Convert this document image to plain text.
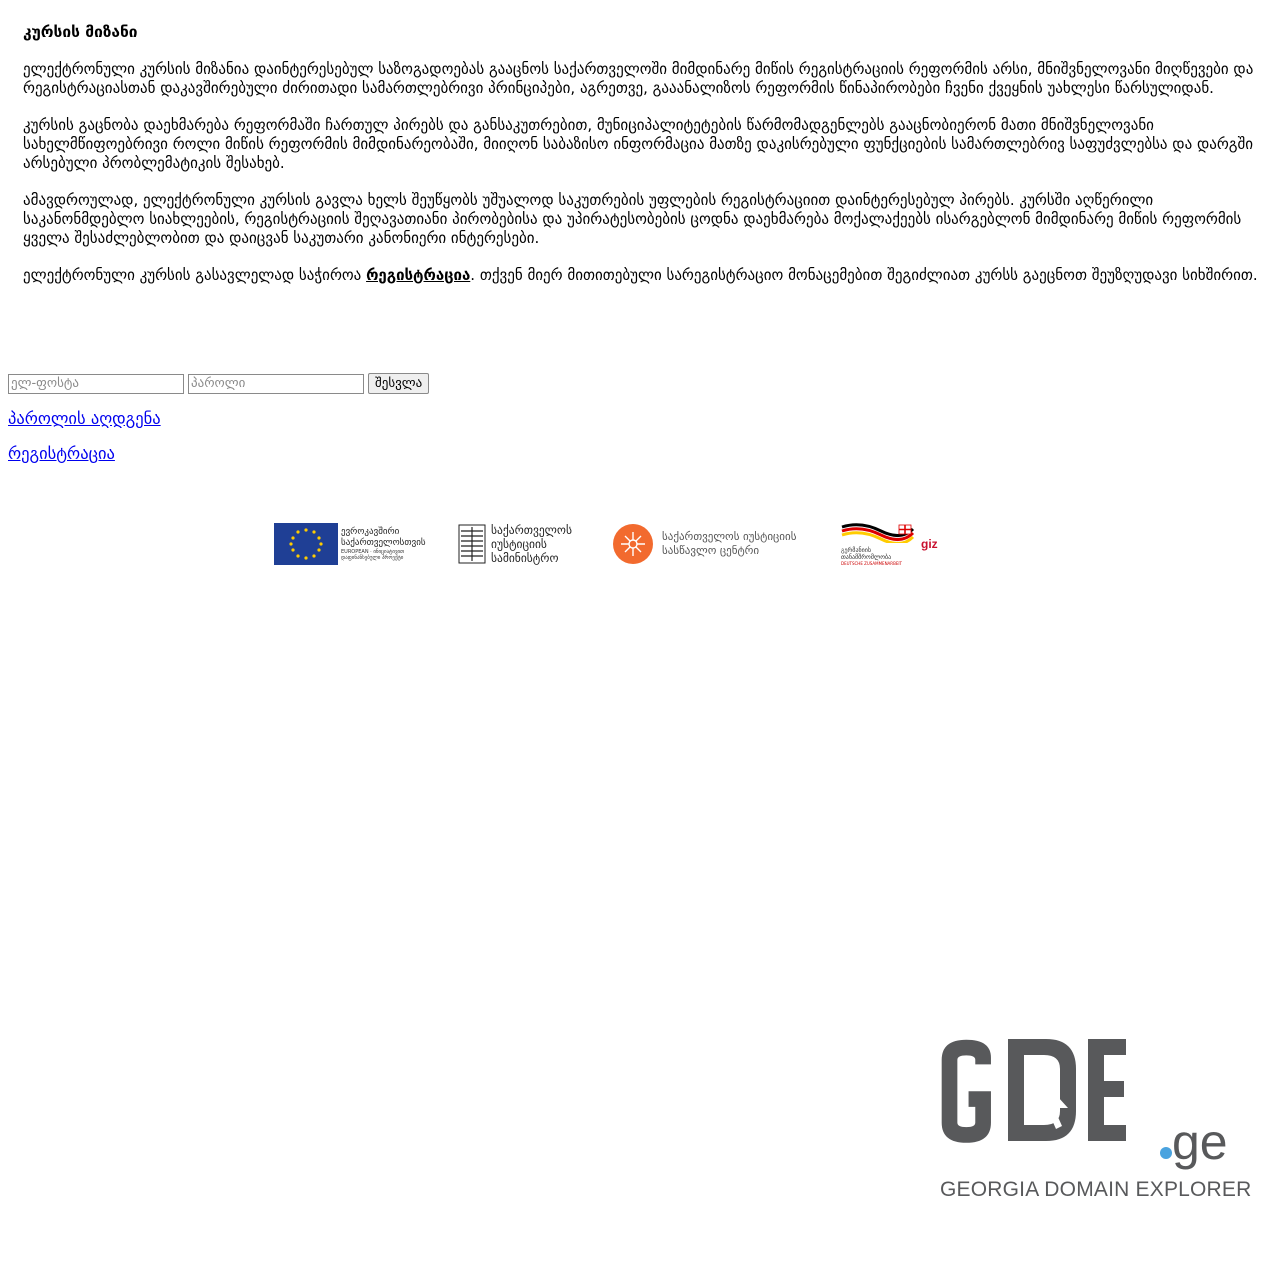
კურსის მიზანი

ელექტრონული კურსის მიზანია დაინტერესებულ საზოგადოებას გააცნოს საქართველოში მიმდინარე მიწის რეგისტრაციის რეფორმის არსი, მნიშვნელოვანი მიღწევები და რეგისტრაციასთან დაკავშირებული ძირითადი სამართლებრივი პრინციპები, აგრეთვე, გააანალიზოს რეფორმის წინაპირობები ჩვენი ქვეყნის უახლესი წარსულიდან.

კურსის გაცნობა დაეხმარება რეფორმაში ჩართულ პირებს და განსაკუთრებით, მუნიციპალიტეტების წარმომადგენლებს გააცნობიერონ მათი მნიშვნელოვანი სახელმწიფოებრივი როლი მიწის რეფორმის მიმდინარეობაში, მიიღონ საბაზისო ინფორმაცია მათზე დაკისრებული ფუნქციების სამართლებრივ საფუძვლებსა და დარგში არსებული პრობლემატიკის შესახებ.

ამავდროულად, ელექტრონული კურსის გავლა ხელს შეუწყობს უშუალოდ საკუთრების უფლების რეგისტრაციით დაინტერესებულ პირებს. კურსში აღწერილი საკანონმდებლო სიახლეების, რეგისტრაციის შეღავათიანი პირობებისა და უპირატესობების ცოდნა დაეხმარება მოქალაქეებს ისარგებლონ მიმდინარე მიწის რეფორმის ყველა შესაძლებლობით და დაიცვან საკუთარი კანონიერი ინტერესები.

ელექტრონული კურსის გასავლელად საჭიროა რეგისტრაცია. თქვენ მიერ მითითებული სარეგისტრაციო მონაცემებით შეგიძლიათ კურსს გაეცნოთ შეუზღუდავი სიხშირით.

ელ-ფოსტა
შესვლა
პაროლის აღდგენა
რეგისტრაცია
ევროკავშირი
საქართველოსთვის
EUROPEAN · ინიციატივით დაფინანსებული პროექტი
საქართველოს
იუსტიციის
სამინისტრო
საქართველოს იუსტიციის
სასწავლო ცენტრი	გერმანიის
თანამშრომლობა
DEUTSCHE ZUSAMMENARBEIT
giz
ge
GEORGIA DOMAIN EXPLORER
